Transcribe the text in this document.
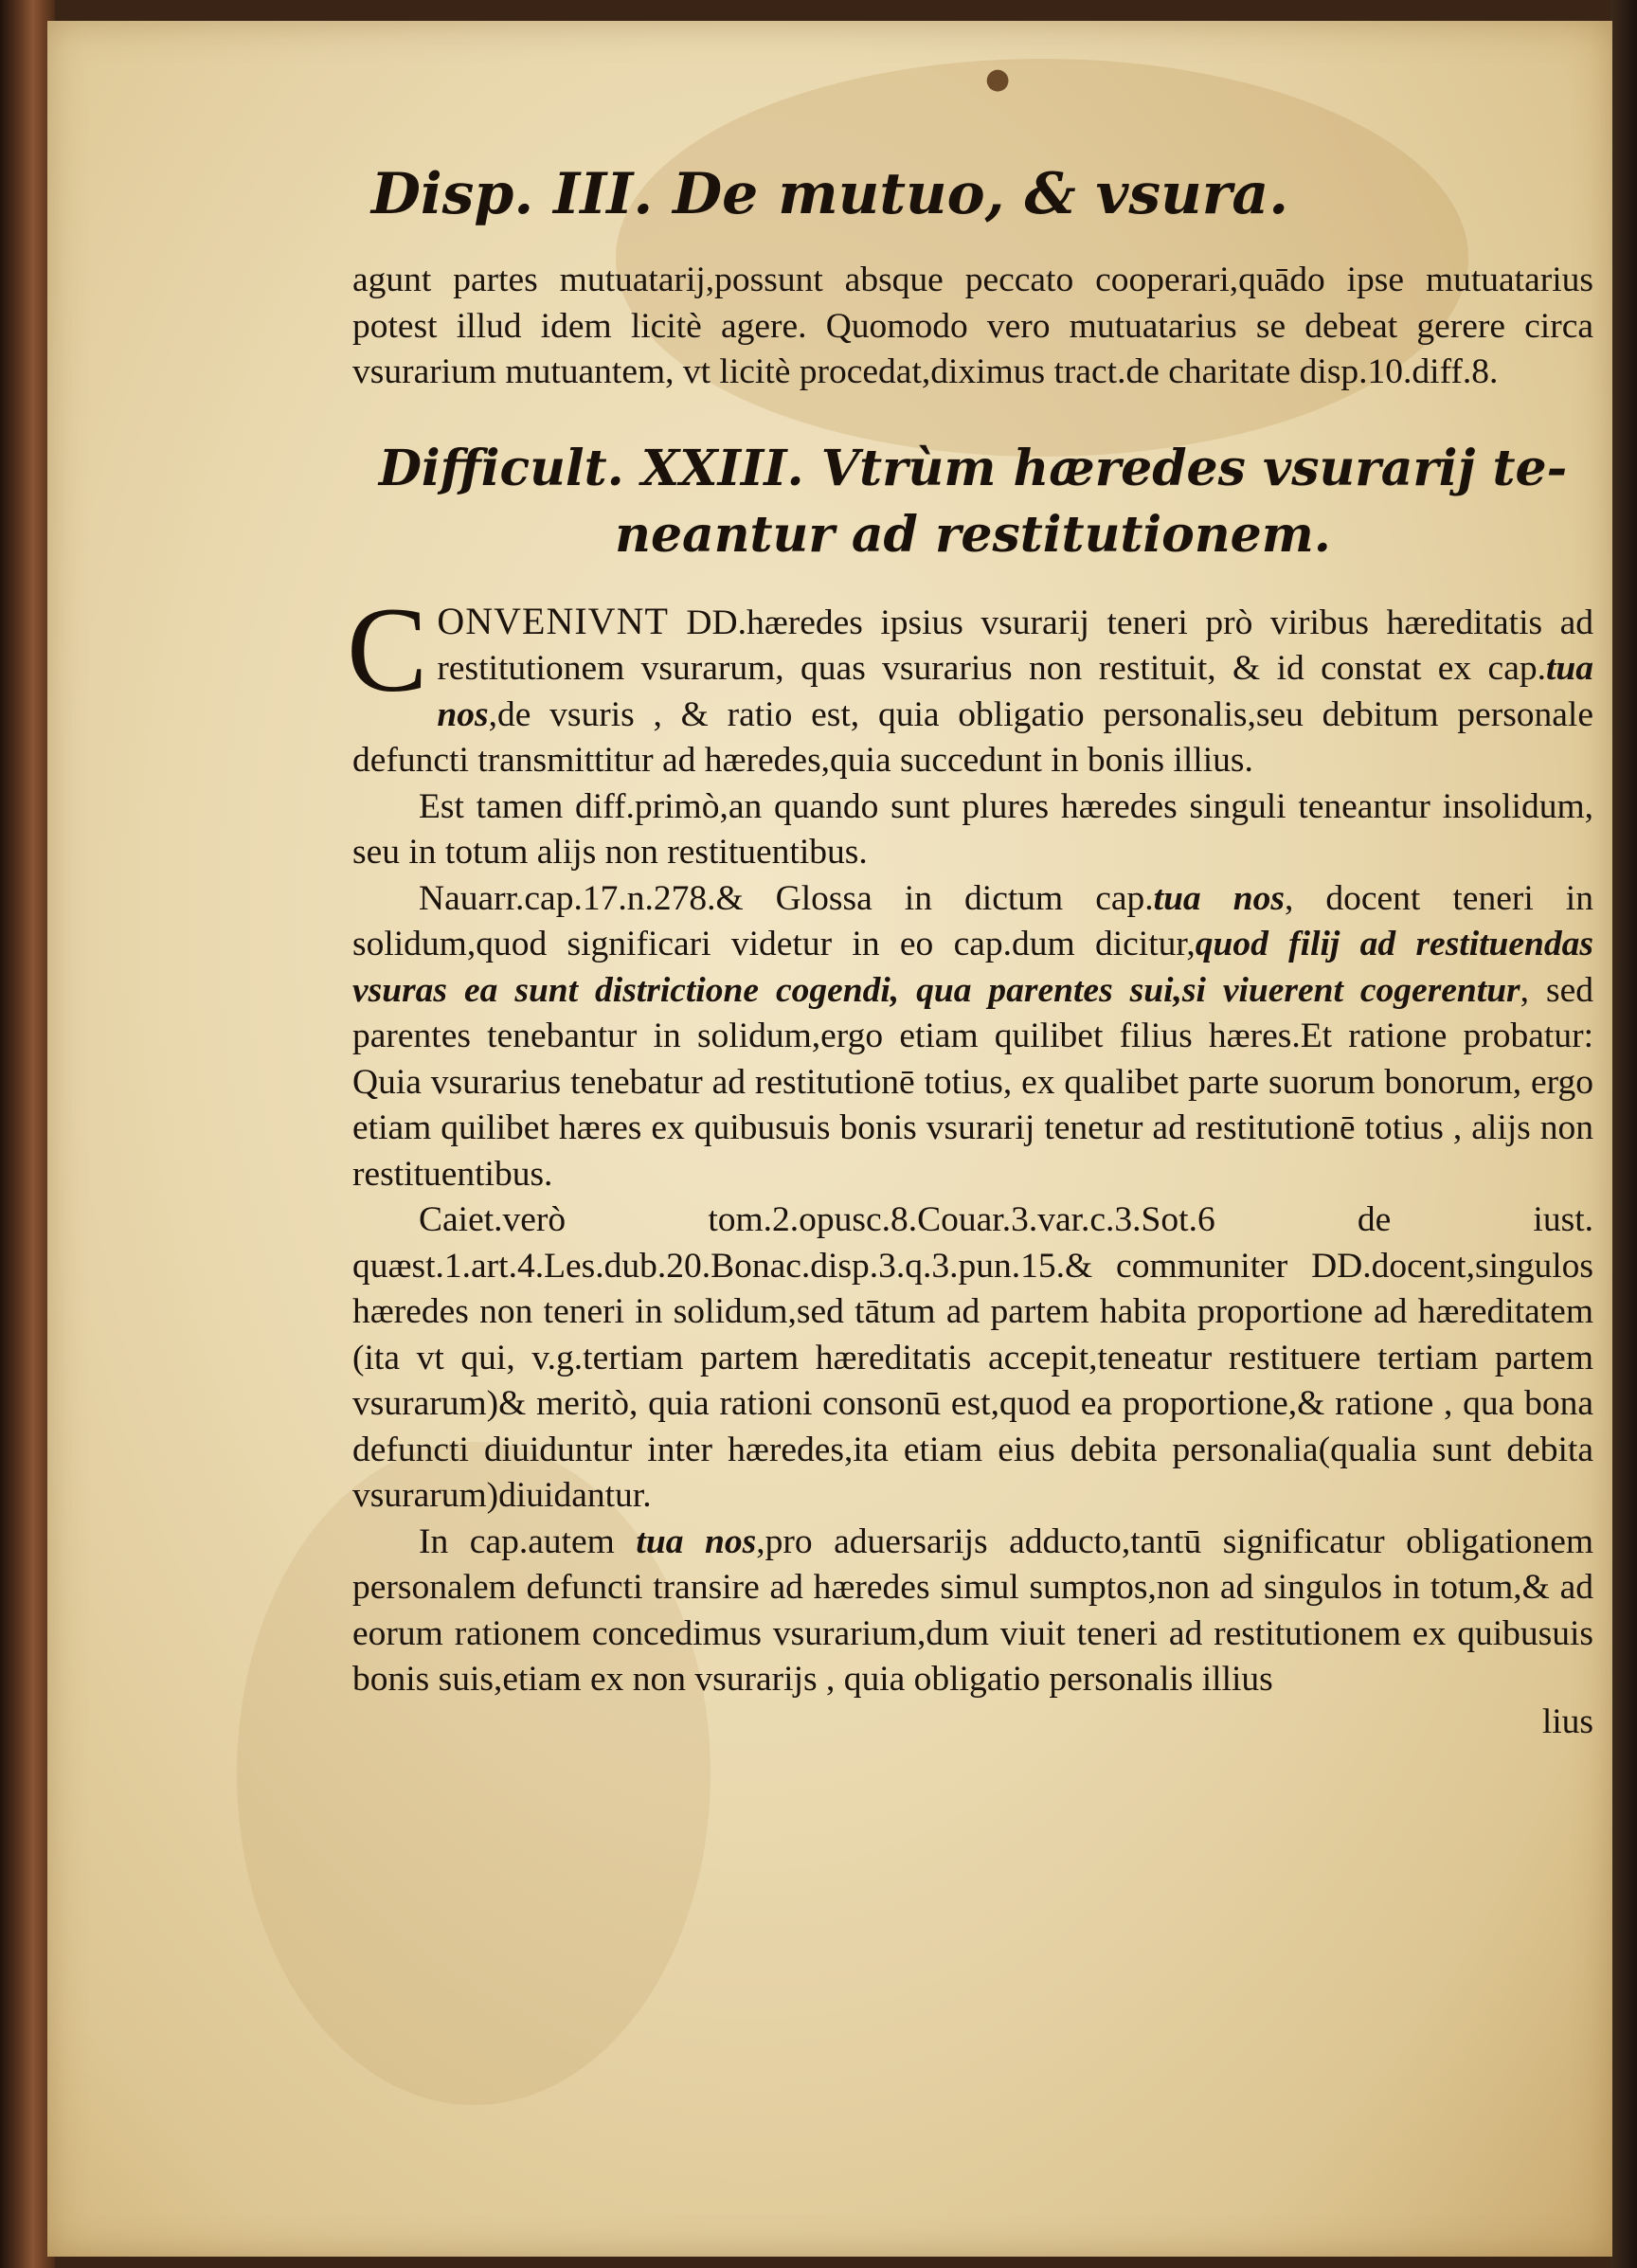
●
Disp. III. De mutuo, & vsura.

agunt partes mutuatarij,possunt absque peccato cooperari,quādo ipse mutuatarius potest illud idem licitè agere. Quomodo vero mutuatarius se debeat gerere circa vsurarium mutuantem, vt licitè procedat,diximus tract.de charitate disp.10.diff.8.

Difficult. XXIII. Vtrùm hæredes vsurarij te-
neantur ad restitutionem.

CONVENIVNT DD.hæredes ipsius vsurarij teneri prò viribus hæreditatis ad restitutionem vsurarum, quas vsurarius non restituit, & id constat ex cap.tua nos,de vsuris , & ratio est, quia obligatio personalis,seu debitum personale defuncti transmittitur ad hæredes,quia succedunt in bonis illius.

Est tamen diff.primò,an quando sunt plures hæredes singuli teneantur insolidum, seu in totum alijs non restituentibus.

Nauarr.cap.17.n.278.& Glossa in dictum cap.tua nos, docent teneri in solidum,quod significari videtur in eo cap.dum dicitur,quod filij ad restituendas vsuras ea sunt districtione cogendi, qua parentes sui,si viuerent cogerentur, sed parentes tenebantur in solidum,ergo etiam quilibet filius hæres.Et ratione probatur: Quia vsurarius tenebatur ad restitutionē totius, ex qualibet parte suorum bonorum, ergo etiam quilibet hæres ex quibusuis bonis vsurarij tenetur ad restitutionē totius , alijs non restituentibus.

Caiet.verò tom.2.opusc.8.Couar.3.var.c.3.Sot.6 de iust. quæst.1.art.4.Les.dub.20.Bonac.disp.3.q.3.pun.15.& communiter DD.docent,singulos hæredes non teneri in solidum,sed tātum ad partem habita proportione ad hæreditatem (ita vt qui, v.g.tertiam partem hæreditatis accepit,teneatur restituere tertiam partem vsurarum)& meritò, quia rationi consonū est,quod ea proportione,& ratione , qua bona defuncti diuiduntur inter hæredes,ita etiam eius debita personalia(qualia sunt debita vsurarum)diuidantur.

In cap.autem tua nos,pro aduersarijs adducto,tantū significatur obligationem personalem defuncti transire ad hæredes simul sumptos,non ad singulos in totum,& ad eorum rationem concedimus vsurarium,dum viuit teneri ad restitutionem ex quibusuis bonis suis,etiam ex non vsurarijs , quia obligatio personalis illius

lius
